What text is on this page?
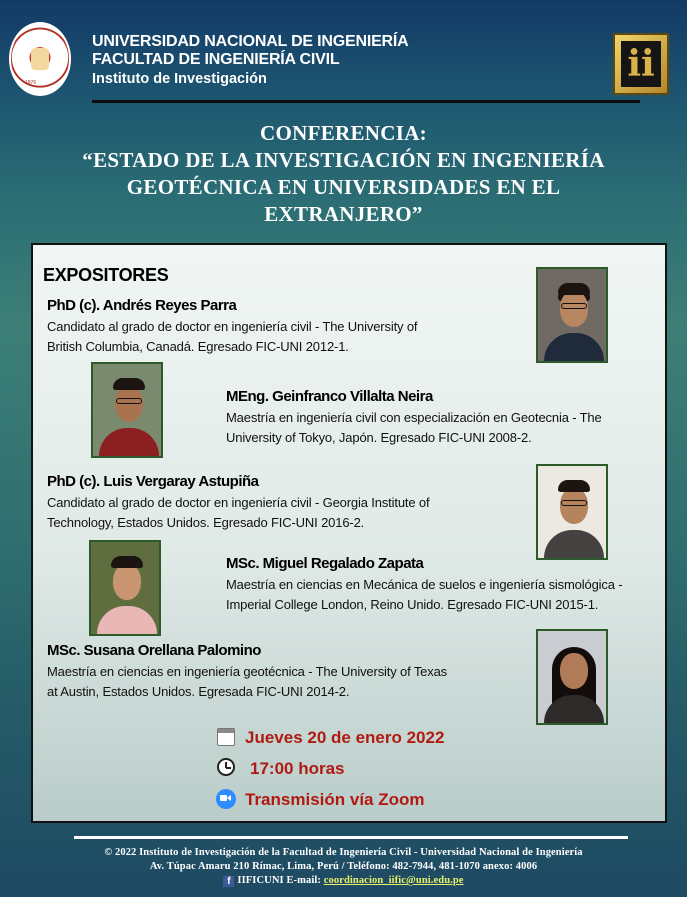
1876
UNIVERSIDAD NACIONAL DE INGENIERÍA
FACULTAD DE INGENIERÍA CIVIL
Instituto de Investigación	ii
CONFERENCIA:
“ESTADO DE LA INVESTIGACIÓN EN INGENIERÍA
GEOTÉCNICA EN UNIVERSIDADES EN EL
EXTRANJERO”
EXPOSITORES
PhD (c). Andrés Reyes Parra
Candidato al grado de doctor en ingeniería civil - The University of
British Columbia, Canadá. Egresado FIC-UNI 2012-1.
MEng. Geinfranco Villalta Neira
Maestría en ingeniería civil con especialización en Geotecnia - The
University of Tokyo, Japón. Egresado FIC-UNI 2008-2.
PhD (c). Luis Vergaray Astupiña
Candidato al grado de doctor en ingeniería civil - Georgia Institute of
Technology, Estados Unidos. Egresado FIC-UNI 2016-2.
MSc. Miguel Regalado Zapata
Maestría en ciencias en Mecánica de suelos e ingeniería sismológica -
Imperial College London, Reino Unido. Egresado FIC-UNI 2015-1.
MSc. Susana Orellana Palomino
Maestría en ciencias en ingeniería geotécnica - The University of Texas
at Austin, Estados Unidos. Egresada FIC-UNI 2014-2.
Jueves 20 de enero 2022
17:00 horas
Transmisión vía Zoom
© 2022 Instituto de Investigación de la Facultad de Ingeniería Civil - Universidad Nacional de Ingeniería
Av. Túpac Amaru 210 Rímac, Lima, Perú / Teléfono: 482-7944, 481-1070 anexo: 4006
f IIFICUNI E-mail: coordinacion_iific@uni.edu.pe
